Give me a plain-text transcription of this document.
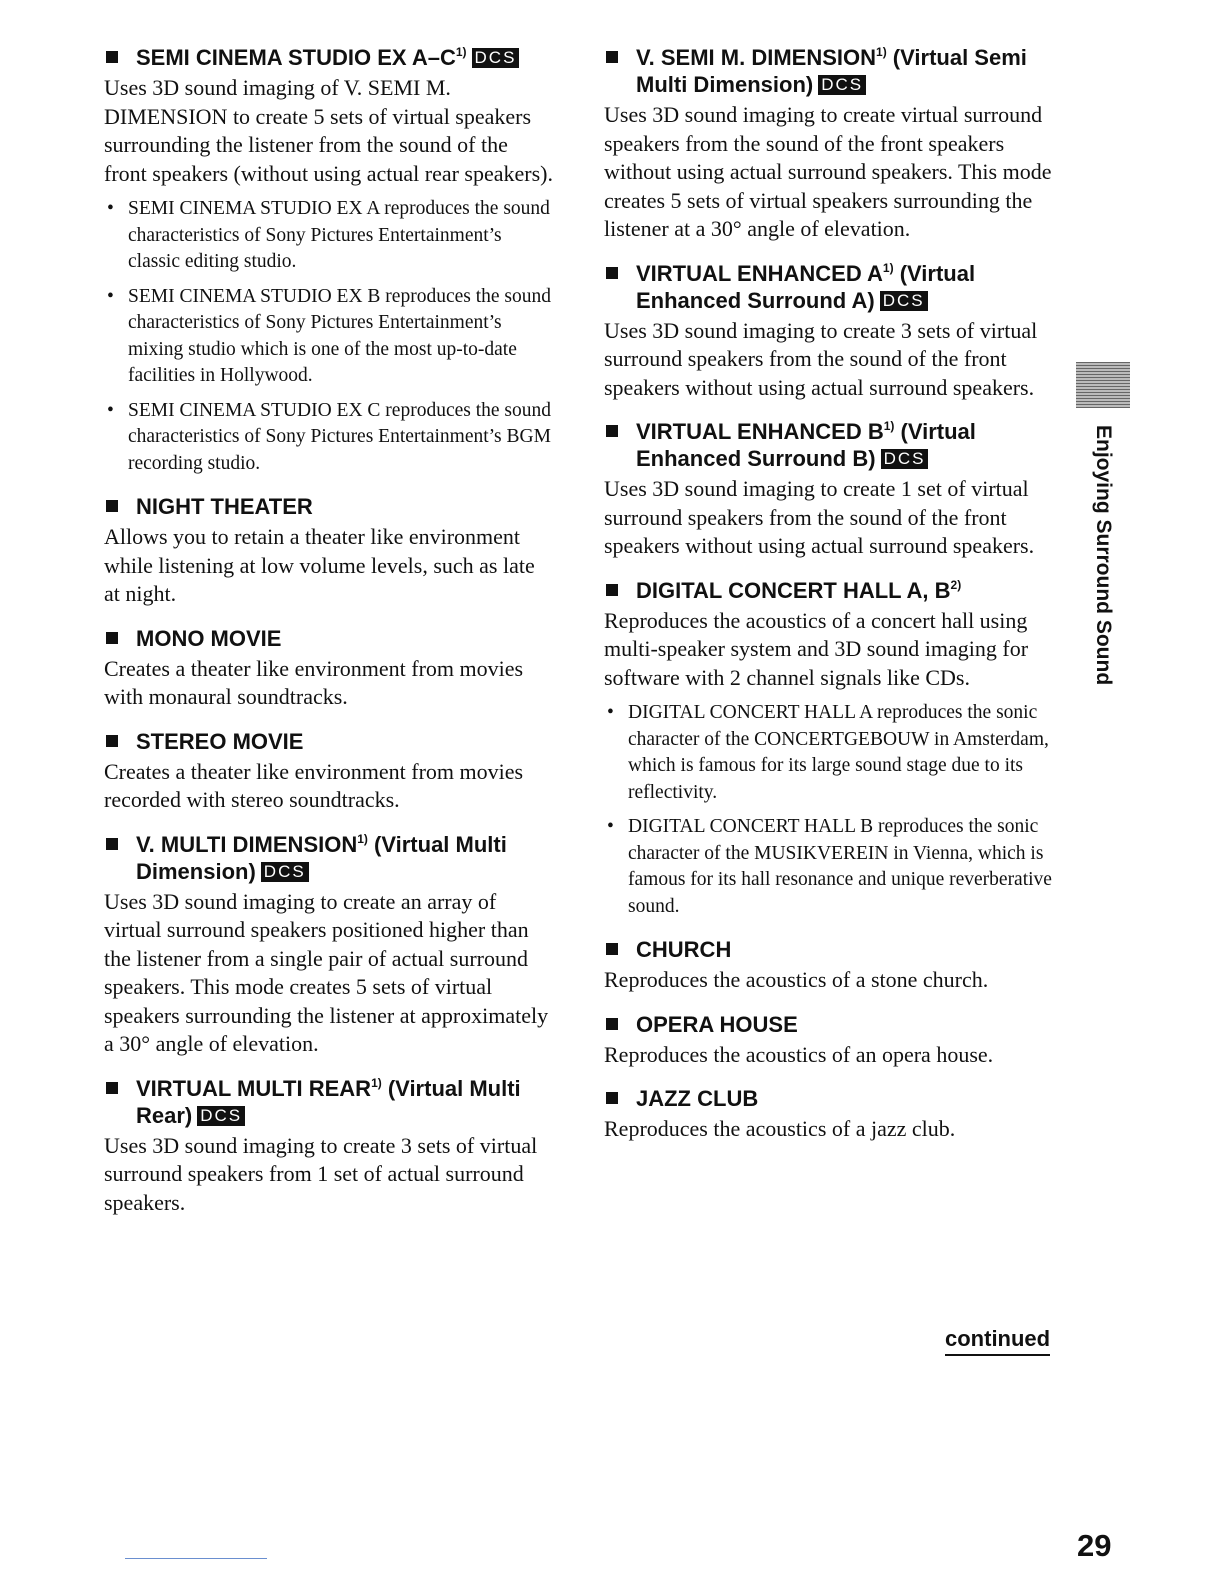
SEMI CINEMA STUDIO EX $A-C^{1)}$ DCS

Uses 3D sound imaging of V. SEMI M. DIMENSION to create 5 sets of virtual speakers surrounding the listener from the sound of the front speakers (without using actual rear speakers).

• SEMI CINEMA STUDIO EX A reproduces the sound characteristics of Sony Pictures Entertainment’s classic editing studio.
• SEMI CINEMA STUDIO EX B reproduces the sound characteristics of Sony Pictures Entertainment’s mixing studio which is one of the most up-to-date facilities in Hollywood.
• SEMI CINEMA STUDIO EX C reproduces the sound characteristics of Sony Pictures Entertainment’s BGM recording studio.
NIGHT THEATER

Allows you to retain a theater like environment while listening at low volume levels, such as late at night.

MONO MOVIE

Creates a theater like environment from movies with monaural soundtracks.

STEREO MOVIE

Creates a theater like environment from movies recorded with stereo soundtracks.

V. MULTI DIMENSION$^{1)}$ (Virtual Multi Dimension) DCS

Uses 3D sound imaging to create an array of virtual surround speakers positioned higher than the listener from a single pair of actual surround speakers. This mode creates 5 sets of virtual speakers surrounding the listener at approximately a 30° angle of elevation.

VIRTUAL MULTI REAR$^{1)}$ (Virtual Multi Rear) DCS

Uses 3D sound imaging to create 3 sets of virtual surround speakers from 1 set of actual surround speakers.

V. SEMI M. DIMENSION$^{1)}$ (Virtual Semi Multi Dimension) DCS

Uses 3D sound imaging to create virtual surround speakers from the sound of the front speakers without using actual surround speakers. This mode creates 5 sets of virtual speakers surrounding the listener at a 30° angle of elevation.

VIRTUAL ENHANCED $A^{1)}$ (Virtual Enhanced Surround A) DCS

Uses 3D sound imaging to create 3 sets of virtual surround speakers from the sound of the front speakers without using actual surround speakers.

VIRTUAL ENHANCED $B^{1)}$ (Virtual Enhanced Surround B) DCS

Uses 3D sound imaging to create 1 set of virtual surround speakers from the sound of the front speakers without using actual surround speakers.

DIGITAL CONCERT HALL A, $B^{2)}$

Reproduces the acoustics of a concert hall using multi-speaker system and 3D sound imaging for software with 2 channel signals like CDs.

• DIGITAL CONCERT HALL A reproduces the sonic character of the CONCERTGEBOUW in Amsterdam, which is famous for its large sound stage due to its reflectivity.
• DIGITAL CONCERT HALL B reproduces the sonic character of the MUSIKVEREIN in Vienna, which is famous for its hall resonance and unique reverberative sound.
CHURCH

Reproduces the acoustics of a stone church.

OPERA HOUSE

Reproduces the acoustics of an opera house.

JAZZ CLUB

Reproduces the acoustics of a jazz club.

Enjoying Surround Sound
continued
29
